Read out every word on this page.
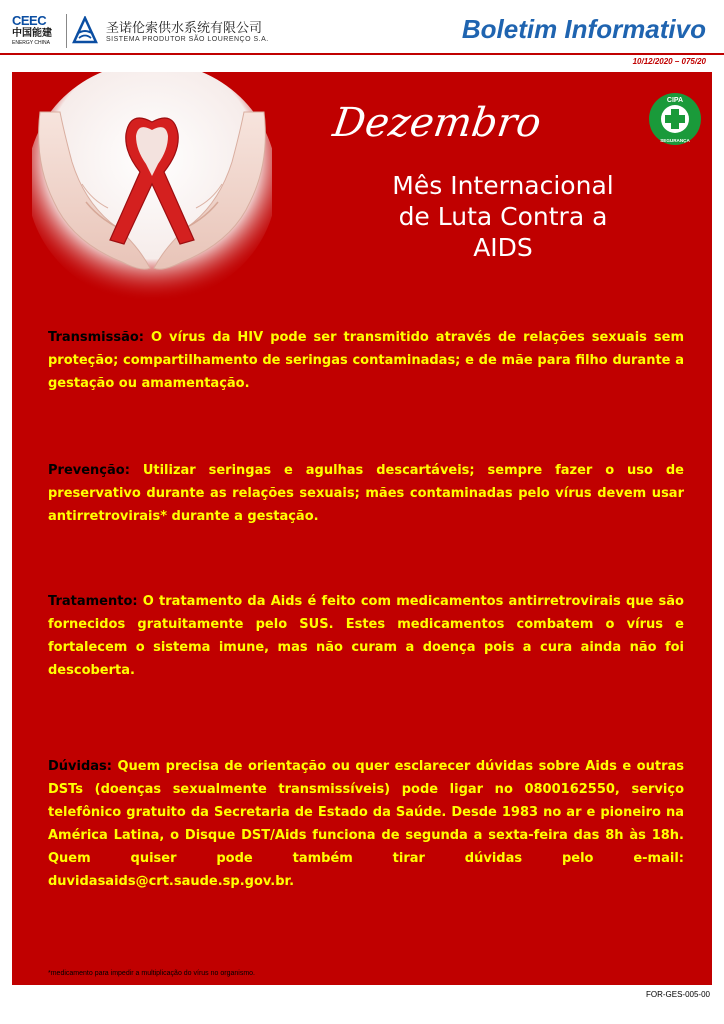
CEEC
中国能建
ENERGY CHINA
圣诺伦索供水系统有限公司
SISTEMA PRODUTOR SÃO LOURENÇO S.A.	Boletim Informativo
10/12/2020 – 075/20
CIPA
SEGURANÇA
Dezembro
Mês Internacional
de Luta Contra a
AIDS

Transmissão: O vírus da HIV pode ser transmitido através de relações sexuais sem proteção; compartilhamento de seringas contaminadas; e de mãe para filho durante a gestação ou amamentação.

Prevenção: Utilizar seringas e agulhas descartáveis; sempre fazer o uso de preservativo durante as relações sexuais; mães contaminadas pelo vírus devem usar antirretrovirais* durante a gestação.

Tratamento: O tratamento da Aids é feito com medicamentos antirretrovirais que são fornecidos gratuitamente pelo SUS. Estes medicamentos combatem o vírus e fortalecem o sistema imune, mas não curam a doença pois a cura ainda não foi descoberta.

Dúvidas: Quem precisa de orientação ou quer esclarecer dúvidas sobre Aids e outras DSTs (doenças sexualmente transmissíveis) pode ligar no 0800162550, serviço telefônico gratuito da Secretaria de Estado da Saúde. Desde 1983 no ar e pioneiro na América Latina, o Disque DST/Aids funciona de segunda a sexta-feira das 8h às 18h. Quem quiser pode também tirar dúvidas pelo e-mail: duvidasaids@crt.saude.sp.gov.br.

*medicamento para impedir a multiplicação do vírus no organismo.
FOR-GES-005-00
